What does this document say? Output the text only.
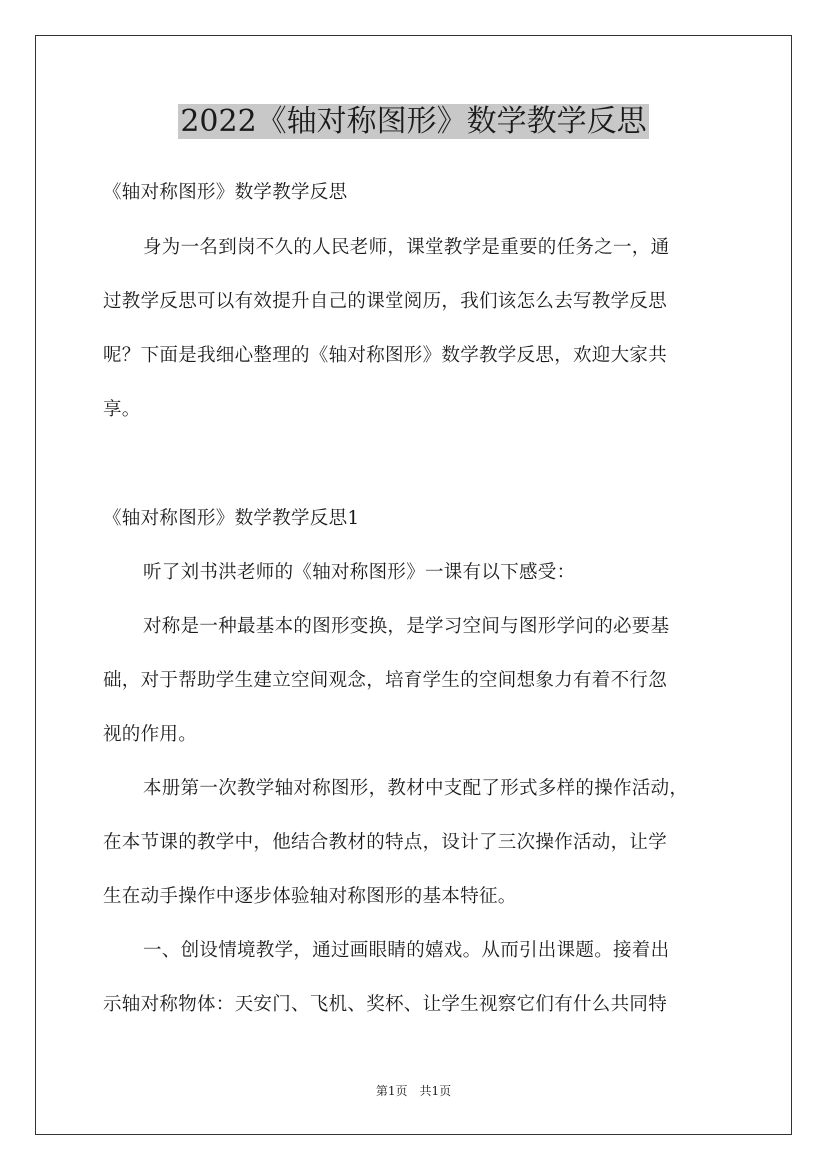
2022《轴对称图形》数学教学反思
《轴对称图形》数学教学反思
身为一名到岗不久的人民老师，课堂教学是重要的任务之一，通
过教学反思可以有效提升自己的课堂阅历，我们该怎么去写教学反思
呢？下面是我细心整理的《轴对称图形》数学教学反思，欢迎大家共
享。
《轴对称图形》数学教学反思1
听了刘书洪老师的《轴对称图形》一课有以下感受：
对称是一种最基本的图形变换，是学习空间与图形学问的必要基
础，对于帮助学生建立空间观念，培育学生的空间想象力有着不行忽
视的作用。
本册第一次教学轴对称图形，教材中支配了形式多样的操作活动，
在本节课的教学中，他结合教材的特点，设计了三次操作活动，让学
生在动手操作中逐步体验轴对称图形的基本特征。
一、创设情境教学，通过画眼睛的嬉戏。从而引出课题。接着出
示轴对称物体：天安门、飞机、奖杯、让学生视察它们有什么共同特
第1页　共1页
